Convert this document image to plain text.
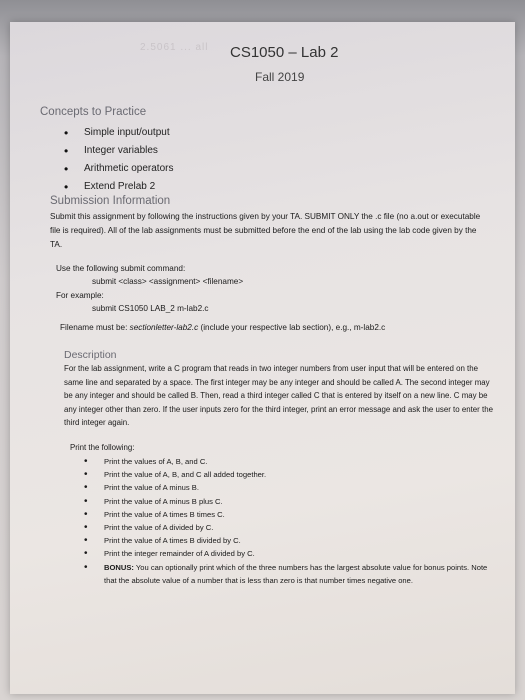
2.5061 ... all CS1050 – Lab 2
Fall 2019
Concepts to Practice
• Simple input/output
• Integer variables
• Arithmetic operators
• Extend Prelab 2
Submission Information

Submit this assignment by following the instructions given by your TA. SUBMIT ONLY the .c file (no a.out or executable file is required). All of the lab assignments must be submitted before the end of the lab using the lab code given by the TA.

Use the following submit command:

submit <class> <assignment> <filename>

For example:

submit CS1050 LAB_2 m-lab2.c

Filename must be: sectionletter-lab2.c (include your respective lab section), e.g., m-lab2.c

Description

For the lab assignment, write a C program that reads in two integer numbers from user input that will be entered on the same line and separated by a space. The first integer may be any integer and should be called A. The second integer may be any integer and should be called B. Then, read a third integer called C that is entered by itself on a new line. C may be any integer other than zero. If the user inputs zero for the third integer, print an error message and ask the user to enter the third integer again.

Print the following:

• Print the values of A, B, and C.
• Print the value of A, B, and C all added together.
• Print the value of A minus B.
• Print the value of A minus B plus C.
• Print the value of A times B times C.
• Print the value of A divided by C.
• Print the value of A times B divided by C.
• Print the integer remainder of A divided by C.
• BONUS: You can optionally print which of the three numbers has the largest absolute value for bonus points. Note that the absolute value of a number that is less than zero is that number times negative one.
